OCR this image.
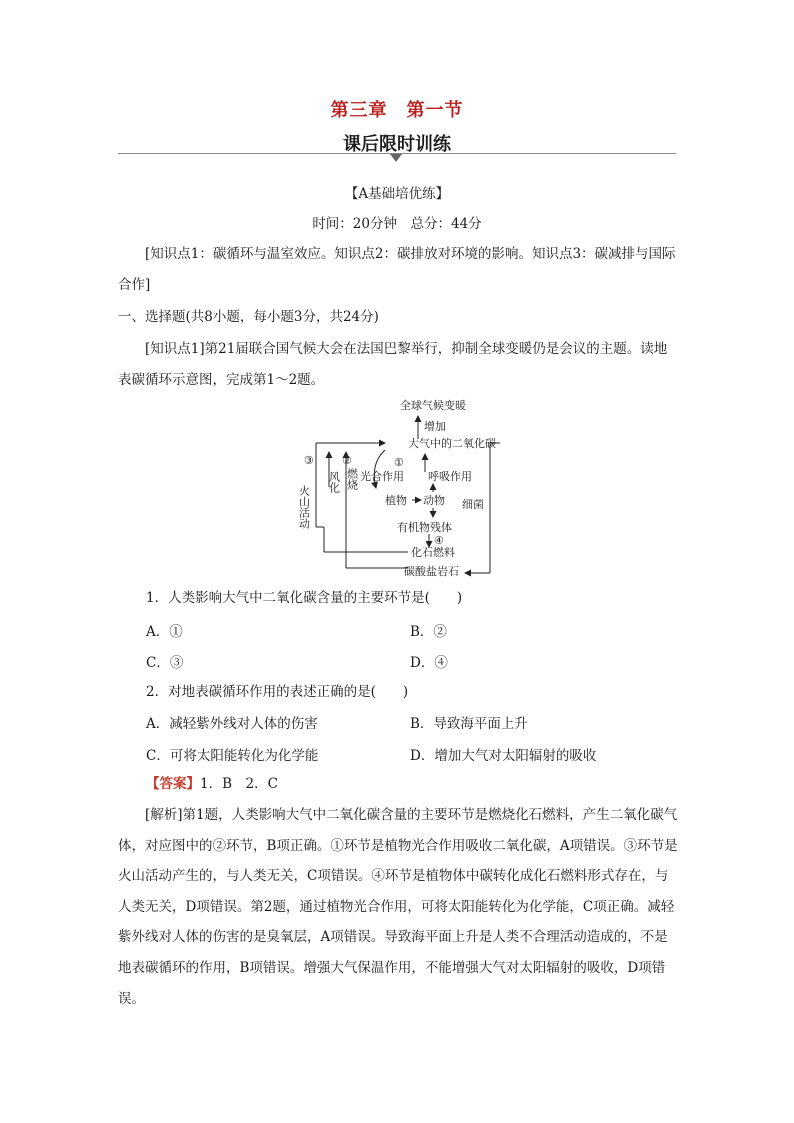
第三章　第一节
课后限时训练
【A基础培优练】
时间：20分钟　总分：44分

[知识点1：碳循环与温室效应。知识点2：碳排放对环境的影响。知识点3：碳减排与国际合作]

一、选择题(共8小题，每小题3分，共24分)

[知识点1]第21届联合国气候大会在法国巴黎举行，抑制全球变暖仍是会议的主题。读地表碳循环示意图，完成第1～2题。

全球气候变暖
增加
大气中的二氧化碳
③
火山活动
风化
②
燃烧
①
光合作用 呼吸作用
植物 动物 细菌
有机物残体
④
化石燃料
碳酸盐岩石
1．人类影响大气中二氧化碳含量的主要环节是(　　)
A．①	B．②
C．③	D．④
2．对地表碳循环作用的表述正确的是(　　)
A．减轻紫外线对人体的伤害	B．导致海平面上升
C．可将太阳能转化为化学能	D．增加大气对太阳辐射的吸收
【答案】1．B　2．C

[解析]第1题，人类影响大气中二氧化碳含量的主要环节是燃烧化石燃料，产生二氧化碳气体，对应图中的②环节，B项正确。①环节是植物光合作用吸收二氧化碳，A项错误。③环节是火山活动产生的，与人类无关，C项错误。④环节是植物体中碳转化成化石燃料形式存在，与人类无关，D项错误。第2题，通过植物光合作用，可将太阳能转化为化学能，C项正确。减轻紫外线对人体的伤害的是臭氧层，A项错误。导致海平面上升是人类不合理活动造成的，不是地表碳循环的作用，B项错误。增强大气保温作用，不能增强大气对太阳辐射的吸收，D项错误。
